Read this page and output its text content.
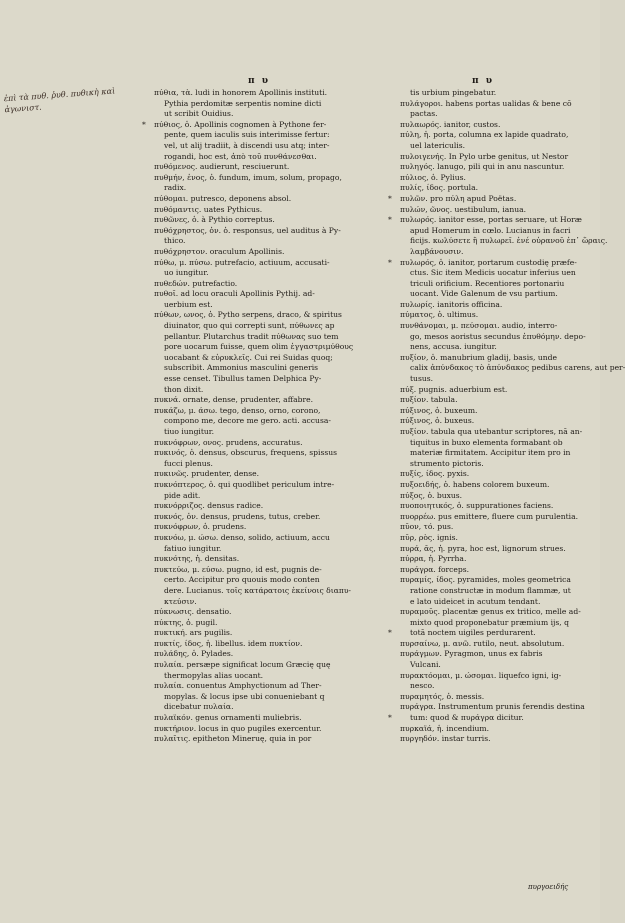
π υ	π υ
ἐπὶ τὰ πυθ. ῥυθ. πυθικὴ καὶ ἀγωνιστ.
πύθια, τὰ. ludi in honorem Apollinis instituti.
Pythia perdomitæ serpentis nomine dicti
ut scribit Ouidius.
* πύθιος, ὁ. Apollinis cognomen à Pythone fer-
pente, quem iaculis suis interimisse fertur:
vel, ut alij tradiit, à discendi usu atq; inter-
rogandi, hoc est, ἀπὸ τοῦ πυνθάνεσθαι.
πυθόμενος. audierunt, resciuerunt.
πυθμήν, ἐνος, ὁ. fundum, imum, solum, propago,
radix.
πύθομαι. putresco, deponens absol.
πυθόμαντις. uates Pythicus.
πυθῶνες, ὁ. à Pythio correptus.
πυθόχρηστος, ὁν. ὁ. responsus, uel auditus à Py-
thico.
πυθόχρηστον. oraculum Apollinis.
πύθω, μ. πύσω. putrefacio, actiuum, accusati-
uo iungitur.
πυθεδών. putrefactio.
πυθοῖ. ad locu oraculi Apollinis Pythij. ad-
uerbium est.
πύθων, ωνος, ὁ. Pytho serpens, draco, & spiritus
diuinator, quo qui correpti sunt, πύθωνες ap
pellantur. Plutarchus tradit πύθωνας suo tem
pore uocarum fuisse, quem olim ἐγγαστριμύθους
uocabant & εὐρυκλεῖς. Cui rei Suidas quoq;
subscribit. Ammonius masculini generis
esse censet. Tibullus tamen Delphica Py-
thon dixit.
πυκνά. ornate, dense, prudenter, affabre.
πυκάζω, μ. άσω. tego, denso, orno, corono,
compono me, decore me gero. acti. accusa-
tiuo iungitur.
πυκνόφρων, ονος. prudens, accuratus.
πυκινός, ὁ. densus, obscurus, frequens, spissus
fucci plenus.
πυκινῶς. prudenter, dense.
πυκνόπτερος, ὁ. qui quodlibet periculum intre-
pide adit.
πυκνόρριζος. densus radice.
πυκνός, ὁν. densus, prudens, tutus, creber.
πυκνόφρων, ὁ. prudens.
πυκνόω, μ. ώσω. denso, solido, actiuum, accu
fatiuo iungitur.
πυκνότης, ἡ. densitas.
πυκτεύω, μ. εύσω. pugno, id est, pugnis de-
certo. Accipitur pro quouis modo conten
dere. Lucianus. τοῖς κατάρατοις ἐκείνοις διαπυ-
κτεύσιν.
πύκνωσις. densatio.
πύκτης, ὁ. pugil.
πυκτική. ars pugilis.
πυκτίς, ίδος, ἡ. libellus. idem πυκτίον.
πυλάδης, ὁ. Pylades.
πυλαία. persæpe significat locum Græcię quę
thermopylas alias uocant.
πυλαία. conuentus Amphyctionum ad Ther-
mopylas. & locus ipse ubi conueniebant q
dicebatur πυλαία.
πυλαϊκόν. genus ornamenti muliebris.
πυκτήριον. locus in quo pugiles exercentur.
πυλαῖτις. epitheton Mineruę, quia in por
tis urbium pingebatur.
πυλάγοροι. habens portas ualidas & bene cō
pactas.
πυλαωρός. ianitor, custos.
πύλη, ἡ. porta, columna ex lapide quadrato,
uel latericulis.
πυλοιγενής. In Pylo urbe genitus, ut Nestor
πυληγός. lanugo, pili qui in anu nascuntur.
πύλιος, ὁ. Pylius.
πυλίς, ίδος. portula.
* πυλῶν. pro πύλη apud Poëtas.
πυλών, ῶνος. uestibulum, ianua.
* πυλωρός. ianitor esse, portas seruare, ut Horæ
apud Homerum in cœlo. Lucianus in facri
ficijs. κωλύσετε ἢ πυλωρεῖ. ἐνέ οὐρανοῦ ἐπ᾽ ὥραις.
λαμβάνουσιν.
* πυλωρός, ὁ. ianitor, portarum custodię præfe-
ctus. Sic item Medicis uocatur inferius uen
triculi orificium. Recentiores portonariu
uocant. Vide Galenum de vsu partium.
πυλωρίς. ianitoris officina.
πύματος, ὁ. ultimus.
πυνθάνομαι, μ. πεύσομαι. audio, interro-
go, mesos aoristus secundus ἐπυθόμην. depo-
nens, accusa. iungitur.
πυξίον, ὁ. manubrium gladij, basis, unde
calix ἀπύνδακος τὸ ἀπύνδακος pedibus carens, aut per-
tusus.
πύξ. pugnis. aduerbium est.
πυξίον. tabula.
πύξινος, ὁ. buxeum.
πύξινος, ὁ. buxeus.
πυξίον. tabula qua utebantur scriptores, nā an-
tiquitus in buxo elementa formabant ob
materiæ firmitatem. Accipitur item pro in
strumento pictoris.
πυξίς, ίδος. pyxis.
πυξοειδής, ὁ. habens colorem buxeum.
πύξος, ὁ. buxus.
πυοποιητικός, ὁ. suppurationes faciens.
πυορρέω. pus emittere, fluere cum purulentia.
πῦον, τό. pus.
πῦρ, ρὸς. ignis.
πυρά, ᾶς, ἡ. pyra, hoc est, lignorum strues.
πύρρα, ἡ. Pyrrha.
πυράγρα. forceps.
πυραμίς, ίδος. pyramides, moles geometrica
ratione constructæ in modum flammæ, ut
e lato uideicet in acutum tendant.
πυραμοῦς. placentæ genus ex tritico, melle ad-
mixto quod proponebatur præmium ijs, q
* totā noctem uigiles perdurarent.
πυρσαίνω, μ. ανῶ. rutilo, neut. absolutum.
πυράγμων. Pyragmon, unus ex fabris
Vulcani.
πυρακτόομαι, μ. ώσομαι. liquefco igni, ig-
nesco.
πυραμητός, ὁ. messis.
πυράγρα. Instrumentum prunis ferendis destina
* tum: quod & πυράγρα dicitur.
πυρκαϊά, ἡ. incendium.
πυργηδόν. instar turris.
πυργοειδής
